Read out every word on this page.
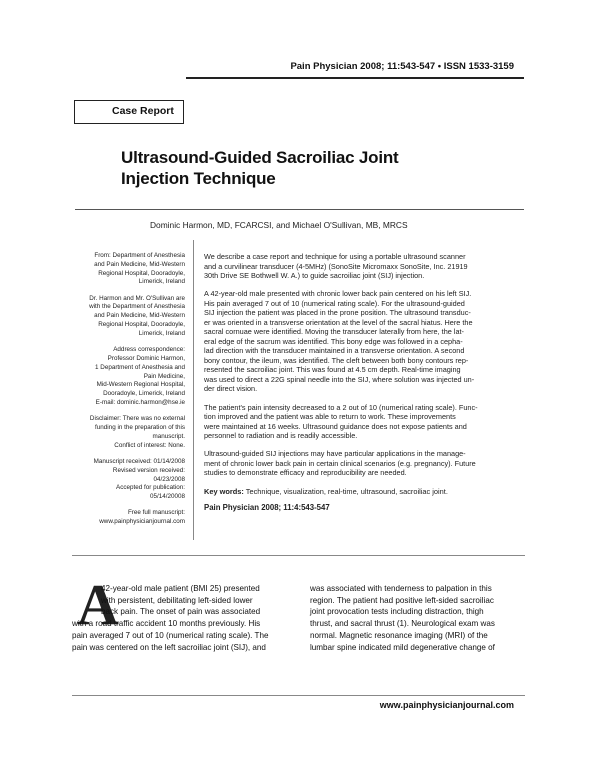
Pain Physician 2008; 11:543-547 • ISSN 1533-3159
Case Report
Ultrasound-Guided Sacroiliac Joint
Injection Technique
Dominic Harmon, MD, FCARCSI, and Michael O'Sullivan, MB, MRCS
From: Department of Anesthesia
and Pain Medicine, Mid-Western
Regional Hospital, Dooradoyle,
Limerick, Ireland
Dr. Harmon and Mr. O'Sullivan are
with the Department of Anesthesia
and Pain Medicine, Mid-Western
Regional Hospital, Dooradoyle,
Limerick, Ireland
Address correspondence:
Professor Dominic Harmon,
1 Department of Anesthesia and
Pain Medicine,
Mid-Western Regional Hospital,
Dooradoyle, Limerick, Ireland
E-mail: dominic.harmon@hse.ie
Disclaimer: There was no external
funding in the preparation of this
manuscript.
Conflict of interest: None.
Manuscript received: 01/14/2008
Revised version received:
04/23/2008
Accepted for publication:
05/14/20008
Free full manuscript:
www.painphysicianjournal.com
We describe a case report and technique for using a portable ultrasound scanner
and a curvilinear transducer (4-5MHz) (SonoSite Micromaxx SonoSite, Inc. 21919
30th Drive SE Bothwell W. A.) to guide sacroiliac joint (SIJ) injection.
A 42-year-old male presented with chronic lower back pain centered on his left SIJ.
His pain averaged 7 out of 10 (numerical rating scale). For the ultrasound-guided
SIJ injection the patient was placed in the prone position. The ultrasound transduc-
er was oriented in a transverse orientation at the level of the sacral hiatus. Here the
sacral cornuae were identified. Moving the transducer laterally from here, the lat-
eral edge of the sacrum was identified. This bony edge was followed in a cepha-
lad direction with the transducer maintained in a transverse orientation. A second
bony contour, the ileum, was identified. The cleft between both bony contours rep-
resented the sacroiliac joint. This was found at 4.5 cm depth. Real-time imaging
was used to direct a 22G spinal needle into the SIJ, where solution was injected un-
der direct vision.
The patient's pain intensity decreased to a 2 out of 10 (numerical rating scale). Func-
tion improved and the patient was able to return to work. These improvements
were maintained at 16 weeks. Ultrasound guidance does not expose patients and
personnel to radiation and is readily accessible.
Ultrasound-guided SIJ injections may have particular applications in the manage-
ment of chronic lower back pain in certain clinical scenarios (e.g. pregnancy). Future
studies to demonstrate efficacy and reproducibility are needed.
Key words: Technique, visualization, real-time, ultrasound, sacroiliac joint.
Pain Physician 2008; 11:4:543-547
A
42-year-old male patient (BMI 25) presented
with persistent, debilitating left-sided lower
back pain. The onset of pain was associated
with a road traffic accident 10 months previously. His
pain averaged 7 out of 10 (numerical rating scale). The
pain was centered on the left sacroiliac joint (SIJ), and
was associated with tenderness to palpation in this
region. The patient had positive left-sided sacroiliac
joint provocation tests including distraction, thigh
thrust, and sacral thrust (1). Neurological exam was
normal. Magnetic resonance imaging (MRI) of the
lumbar spine indicated mild degenerative change of
www.painphysicianjournal.com
